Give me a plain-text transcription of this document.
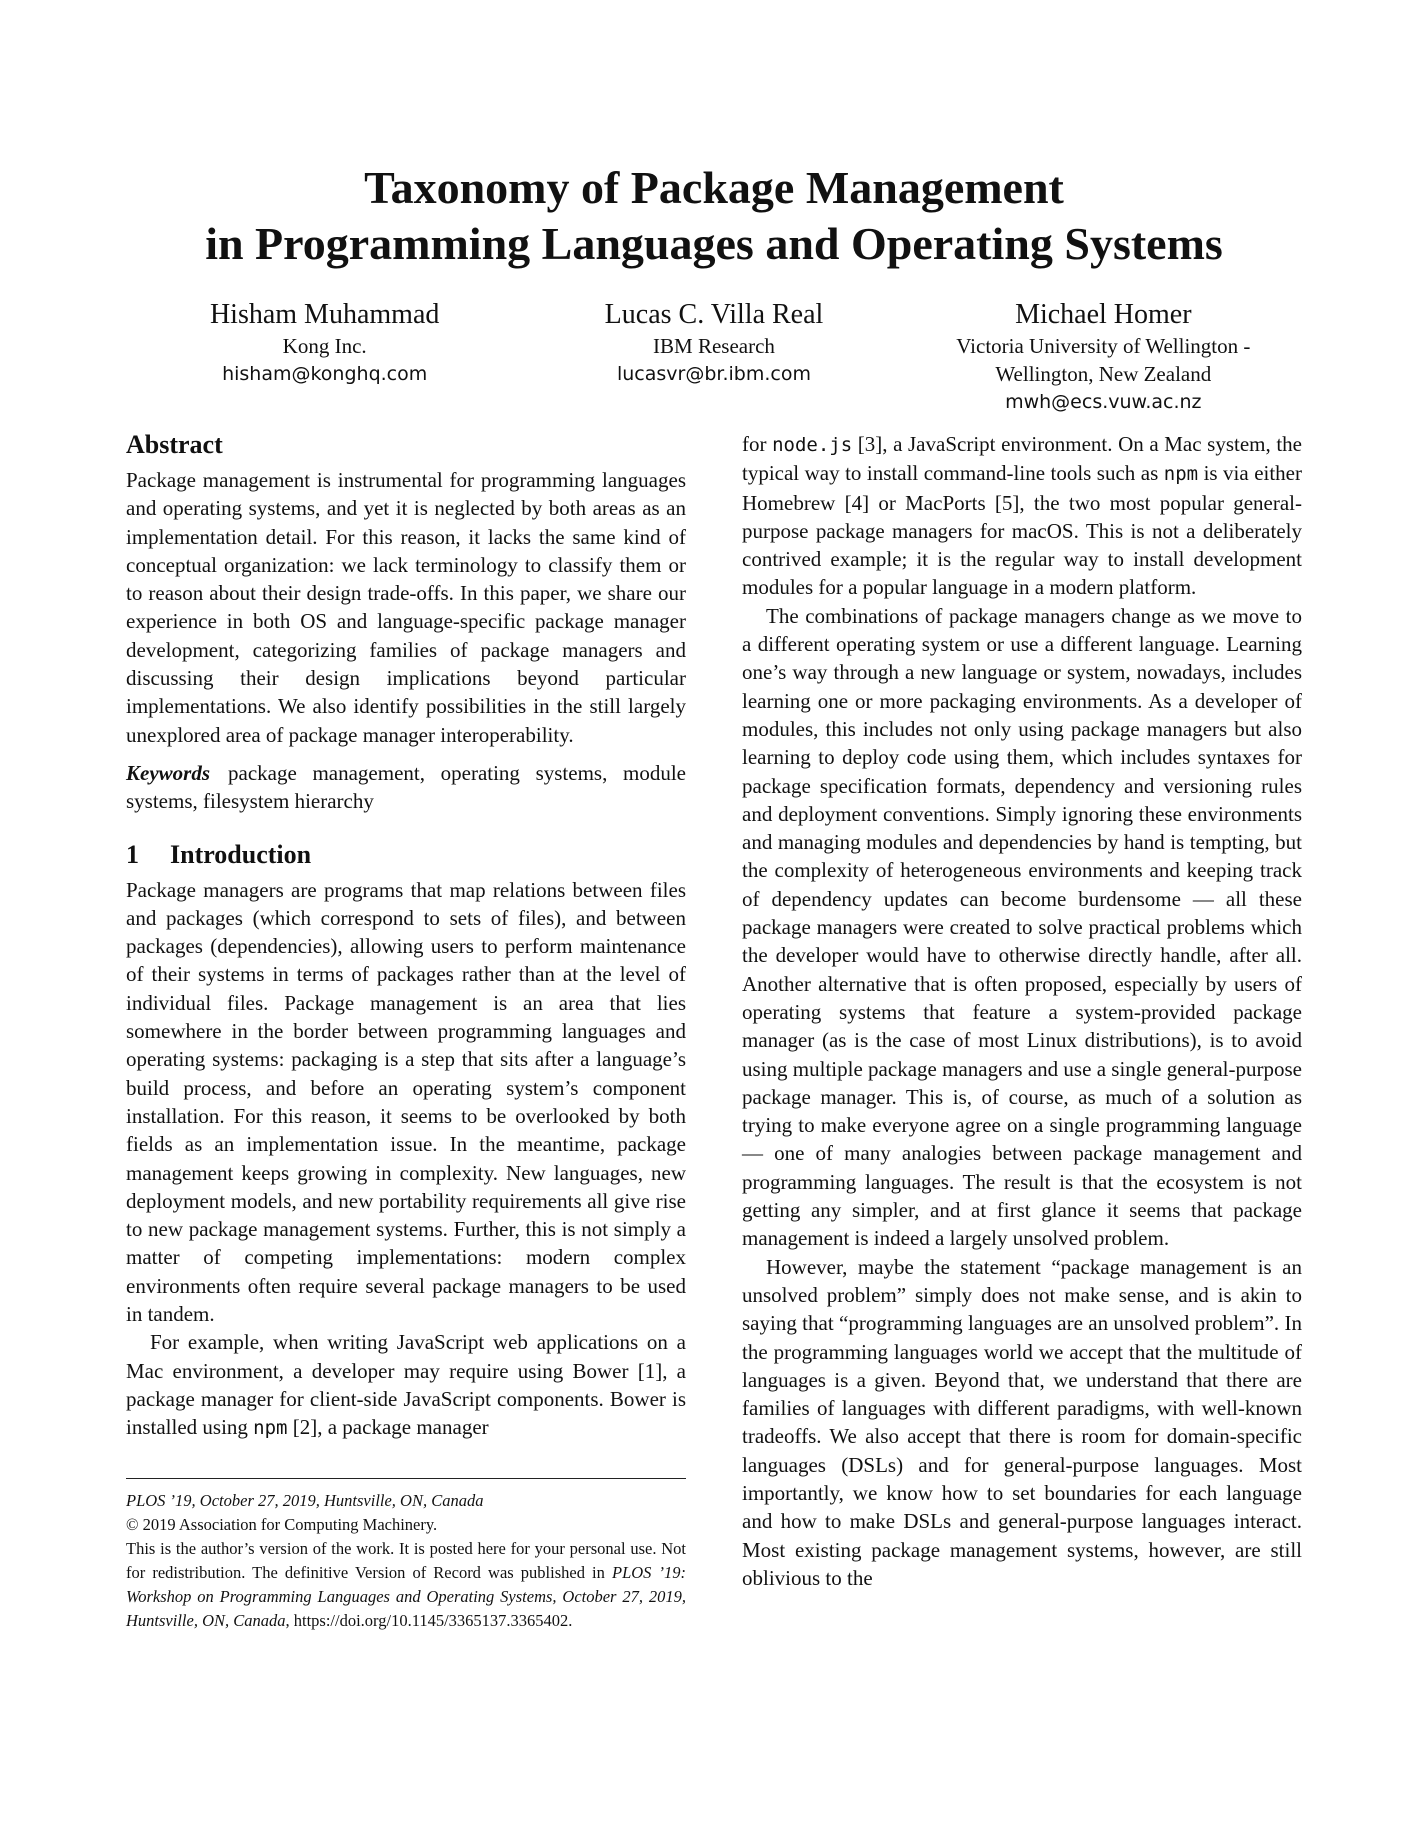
Taxonomy of Package Management
in Programming Languages and Operating Systems
Hisham Muhammad
Kong Inc.
hisham@konghq.com
Lucas C. Villa Real
IBM Research
lucasvr@br.ibm.com
Michael Homer
Victoria University of Wellington -
Wellington, New Zealand
mwh@ecs.vuw.ac.nz
Abstract

Package management is instrumental for programming languages and operating systems, and yet it is neglected by both areas as an implementation detail. For this reason, it lacks the same kind of conceptual organization: we lack terminology to classify them or to reason about their design trade-offs. In this paper, we share our experience in both OS and language-specific package manager development, categorizing families of package managers and discussing their design implications beyond particular implementations. We also identify possibilities in the still largely unexplored area of package manager interoperability.

Keywords package management, operating systems, module systems, filesystem hierarchy

1 Introduction

Package managers are programs that map relations between files and packages (which correspond to sets of files), and between packages (dependencies), allowing users to perform maintenance of their systems in terms of packages rather than at the level of individual files. Package management is an area that lies somewhere in the border between programming languages and operating systems: packaging is a step that sits after a language’s build process, and before an operating system’s component installation. For this reason, it seems to be overlooked by both fields as an implementation issue. In the meantime, package management keeps growing in complexity. New languages, new deployment models, and new portability requirements all give rise to new package management systems. Further, this is not simply a matter of competing implementations: modern complex environments often require several package managers to be used in tandem.

For example, when writing JavaScript web applications on a Mac environment, a developer may require using Bower [1], a package manager for client-side JavaScript components. Bower is installed using npm [2], a package manager

for node.js [3], a JavaScript environment. On a Mac system, the typical way to install command-line tools such as npm is via either Homebrew [4] or MacPorts [5], the two most popular general-purpose package managers for macOS. This is not a deliberately contrived example; it is the regular way to install development modules for a popular language in a modern platform.

The combinations of package managers change as we move to a different operating system or use a different language. Learning one’s way through a new language or system, nowadays, includes learning one or more packaging environments. As a developer of modules, this includes not only using package managers but also learning to deploy code using them, which includes syntaxes for package specification formats, dependency and versioning rules and deployment conventions. Simply ignoring these environments and managing modules and dependencies by hand is tempting, but the complexity of heterogeneous environments and keeping track of dependency updates can become burdensome — all these package managers were created to solve practical problems which the developer would have to otherwise directly handle, after all. Another alternative that is often proposed, especially by users of operating systems that feature a system-provided package manager (as is the case of most Linux distributions), is to avoid using multiple package managers and use a single general-purpose package manager. This is, of course, as much of a solution as trying to make everyone agree on a single programming language — one of many analogies between package management and programming languages. The result is that the ecosystem is not getting any simpler, and at first glance it seems that package management is indeed a largely unsolved problem.

However, maybe the statement “package management is an unsolved problem” simply does not make sense, and is akin to saying that “programming languages are an unsolved problem”. In the programming languages world we accept that the multitude of languages is a given. Beyond that, we understand that there are families of languages with different paradigms, with well-known tradeoffs. We also accept that there is room for domain-specific languages (DSLs) and for general-purpose languages. Most importantly, we know how to set boundaries for each language and how to make DSLs and general-purpose languages interact. Most existing package management systems, however, are still oblivious to the

PLOS ’19, October 27, 2019, Huntsville, ON, Canada

© 2019 Association for Computing Machinery.

This is the author’s version of the work. It is posted here for your personal use. Not for redistribution. The definitive Version of Record was published in PLOS ’19: Workshop on Programming Languages and Operating Systems, October 27, 2019, Huntsville, ON, Canada, https://doi.org/10.1145/3365137.3365402.
